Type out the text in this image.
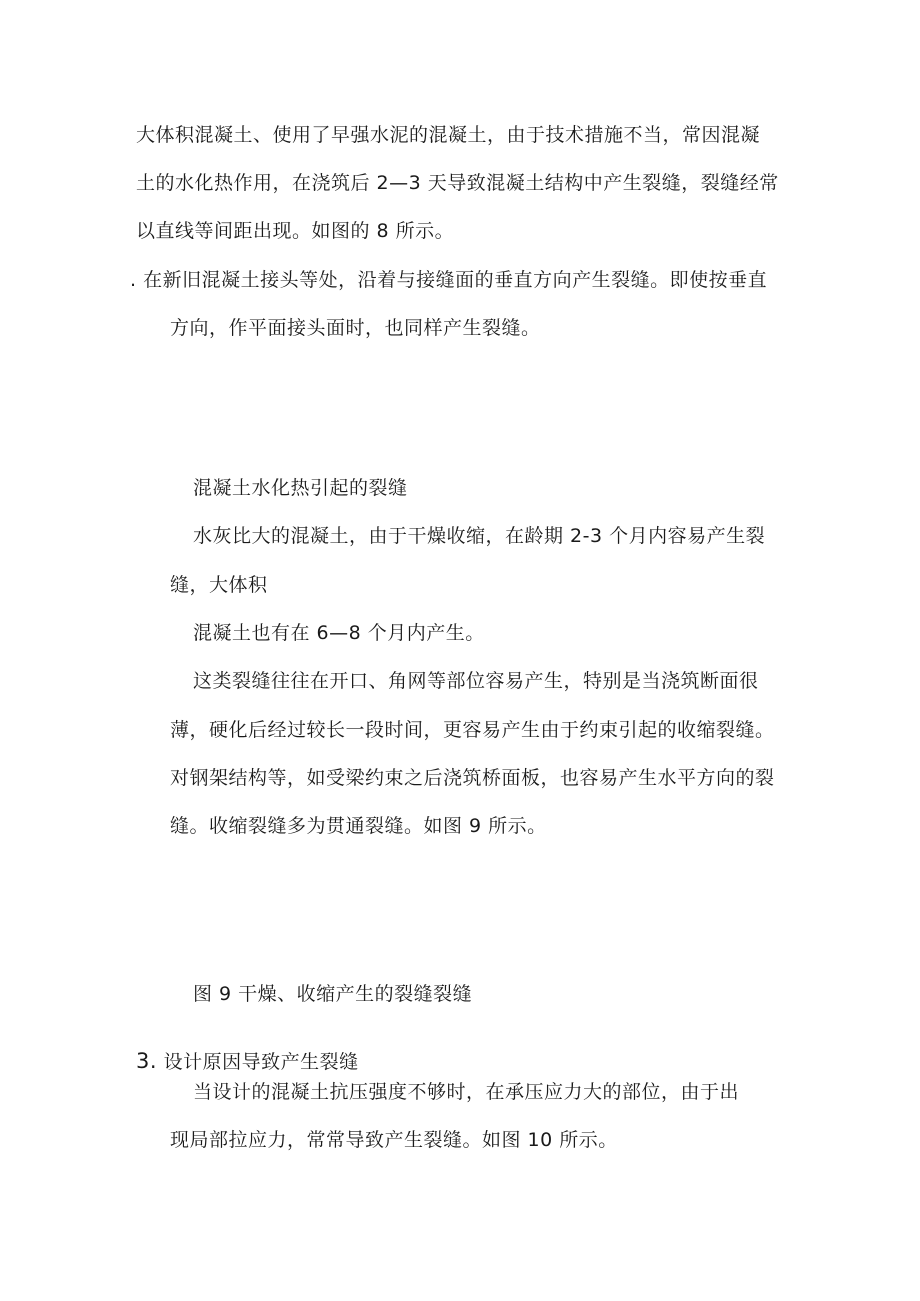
大体积混凝土、使用了早强水泥的混凝土，由于技术措施不当，常因混凝
土的水化热作用，在浇筑后 2—3 天导致混凝土结构中产生裂缝，裂缝经常
以直线等间距出现。如图的 8 所示。
. 在新旧混凝土接头等处，沿着与接缝面的垂直方向产生裂缝。即使按垂直
方向，作平面接头面时，也同样产生裂缝。
混凝土水化热引起的裂缝
水灰比大的混凝土，由于干燥收缩，在龄期 2-3 个月内容易产生裂
缝，大体积
混凝土也有在 6—8 个月内产生。
这类裂缝往往在开口、角网等部位容易产生，特别是当浇筑断面很
薄，硬化后经过较长一段时间，更容易产生由于约束引起的收缩裂缝。
对钢架结构等，如受梁约束之后浇筑桥面板，也容易产生水平方向的裂
缝。收缩裂缝多为贯通裂缝。如图 9 所示。
图 9 干燥、收缩产生的裂缝裂缝
3. 设计原因导致产生裂缝
当设计的混凝土抗压强度不够时，在承压应力大的部位，由于出
现局部拉应力，常常导致产生裂缝。如图 10 所示。
